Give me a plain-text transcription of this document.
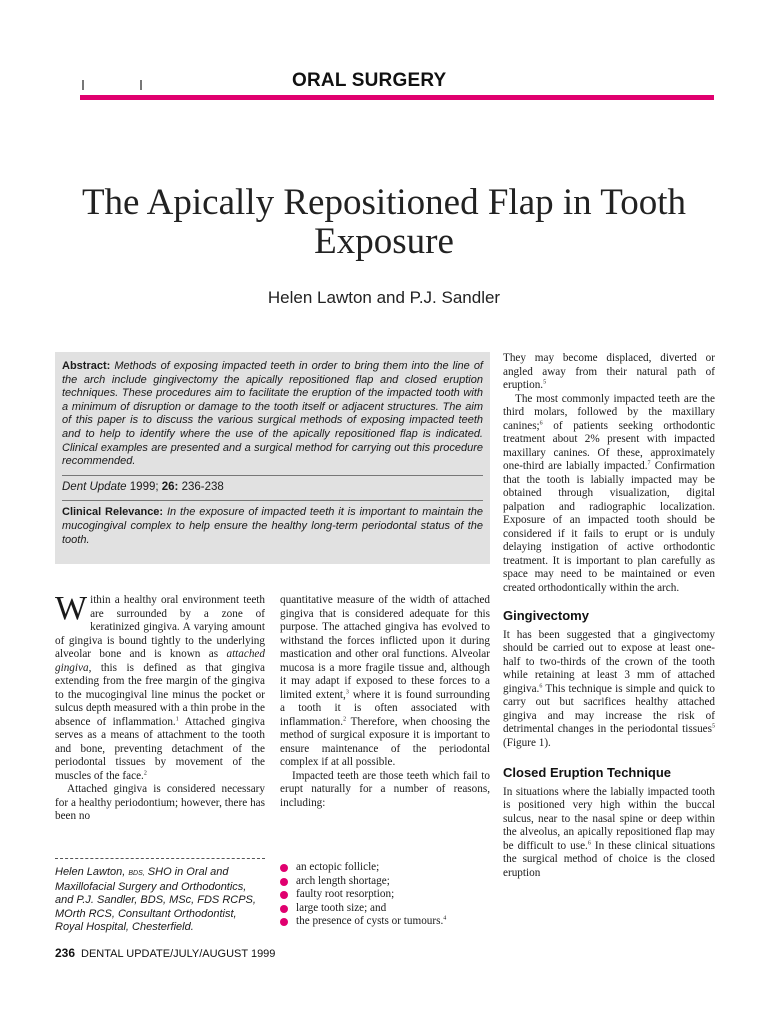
ORAL SURGERY
The Apically Repositioned Flap in Tooth Exposure
Helen Lawton and P.J. Sandler
Abstract: Methods of exposing impacted teeth in order to bring them into the line of the arch include gingivectomy the apically repositioned flap and closed eruption techniques. These procedures aim to facilitate the eruption of the impacted tooth with a minimum of disruption or damage to the tooth itself or adjacent structures. The aim of this paper is to discuss the various surgical methods of exposing impacted teeth and to help to identify where the use of the apically repositioned flap is indicated. Clinical examples are presented and a surgical method for carrying out this procedure recommended.
Dent Update 1999; 26: 236-238
Clinical Relevance: In the exposure of impacted teeth it is important to maintain the mucogingival complex to help ensure the healthy long-term periodontal status of the tooth.

Within a healthy oral environment teeth are surrounded by a zone of keratinized gingiva. A varying amount of gingiva is bound tightly to the underlying alveolar bone and is known as attached gingiva, this is defined as that gingiva extending from the free margin of the gingiva to the mucogingival line minus the pocket or sulcus depth measured with a thin probe in the absence of inflammation.$^1$ Attached gingiva serves as a means of attachment to the tooth and bone, preventing detachment of the periodontal tissues by movement of the muscles of the face.$^2$

Attached gingiva is considered necessary for a healthy periodontium; however, there has been no

quantitative measure of the width of attached gingiva that is considered adequate for this purpose. The attached gingiva has evolved to withstand the forces inflicted upon it during mastication and other oral functions. Alveolar mucosa is a more fragile tissue and, although it may adapt if exposed to these forces to a limited extent,$^3$ where it is found surrounding a tooth it is often associated with inflammation.$^2$ Therefore, when choosing the method of surgical exposure it is important to ensure maintenance of the periodontal complex if at all possible.

Impacted teeth are those teeth which fail to erupt naturally for a number of reasons, including:

an ectopic follicle;
arch length shortage;
faulty root resorption;
large tooth size; and
the presence of cysts or tumours.$^4$

They may become displaced, diverted or angled away from their natural path of eruption.$^5$

The most commonly impacted teeth are the third molars, followed by the maxillary canines;$^6$ of patients seeking orthodontic treatment about 2% present with impacted maxillary canines. Of these, approximately one-third are labially impacted.$^7$ Confirmation that the tooth is labially impacted may be obtained through visualization, digital palpation and radiographic localization. Exposure of an impacted tooth should be considered if it fails to erupt or is unduly delaying instigation of active orthodontic treatment. It is important to plan carefully as space may need to be maintained or even created orthodontically within the arch.

Gingivectomy

It has been suggested that a gingivectomy should be carried out to expose at least one-half to two-thirds of the crown of the tooth while retaining at least 3 mm of attached gingiva.$^6$ This technique is simple and quick to carry out but sacrifices healthy attached gingiva and may increase the risk of detrimental changes in the periodontal tissues$^5$ (Figure 1).

Closed Eruption Technique

In situations where the labially impacted tooth is positioned very high within the buccal sulcus, near to the nasal spine or deep within the alveolus, an apically repositioned flap may be difficult to use.$^6$ In these clinical situations the surgical method of choice is the closed eruption

Helen Lawton, BDS, SHO in Oral and Maxillofacial Surgery and Orthodontics, and P.J. Sandler, BDS, MSc, FDS RCPS, MOrth RCS, Consultant Orthodontist, Royal Hospital, Chesterfield.
236 DENTAL UPDATE/JULY/AUGUST 1999
